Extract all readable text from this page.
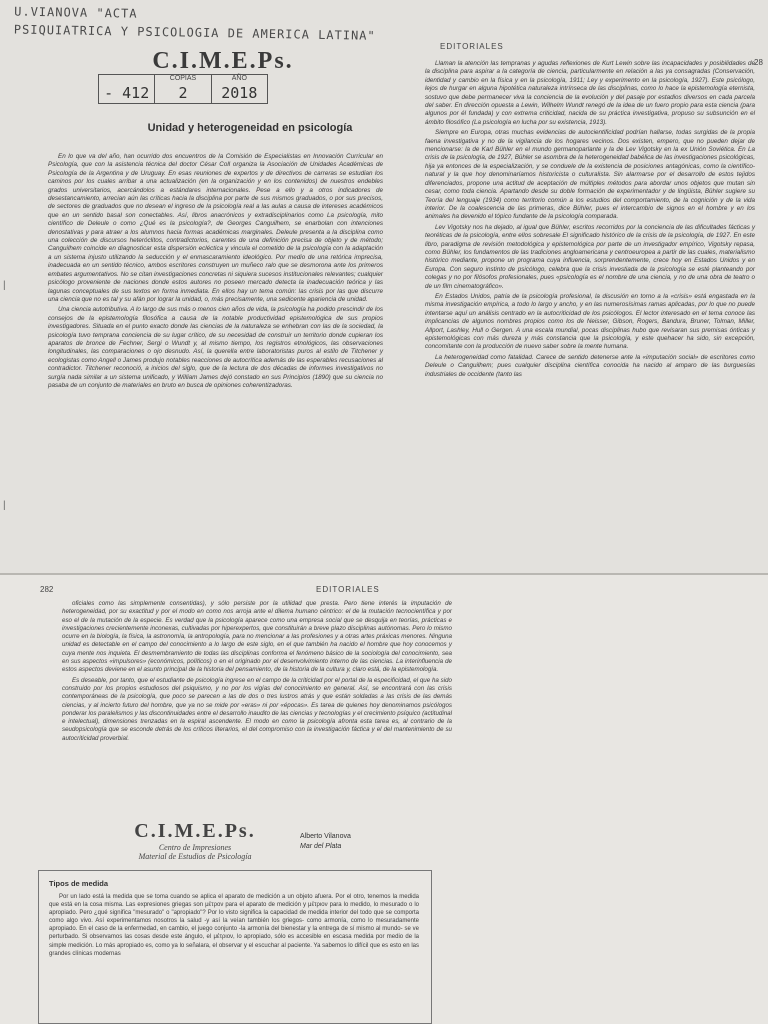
U.VIANOVA "ACTA
PSIQUIATRICA Y PSICOLOGIA DE AMERICA LATINA"
C.I.M.E.Ps.
- 412
COPIAS
2
AÑO
2018
EDITORIALES
28
Unidad y heterogeneidad en psicología

En lo que va del año, han ocurrido dos encuentros de la Comisión de Especialistas en Innovación Curricular en Psicología, que con la asistencia técnica del doctor César Coll organiza la Asociación de Unidades Académicas de Psicología de la Argentina y de Uruguay. En esas reuniones de expertos y de directivos de carreras se estudian los caminos por los cuales arribar a una actualización (en la organización y en los contenidos) de nuestros endebles grados universitarios, acercándolos a estándares internacionales. Pese a ello y a otros indicadores de desestancamiento, arrecian aún las críticas hacia la disciplina por parte de sus mismos graduados, o por sus precisos, de sectores de graduados que no desean el ingreso de la psicología real a las aulas a causa de intereses académicos que en un sentido basal son conectables. Así, libros anacrónicos y extradisciplinarios como La psicología, mito científico de Deleule o como ¿Qué es la psicología?, de Georges Canguilhem, se enarbolan con intenciones denostativas y para atraer a los alumnos hacia formas académicas marginales. Deleule presenta a la disciplina como una colección de discursos heteróclitos, contradictorios, carentes de una definición precisa de objeto y de método; Canguilhem coincide en diagnosticar esta dispersión ecléctica y vincula el cometido de la psicología con la adaptación a un sistema injusto utilizando la seducción y el enmascaramiento ideológico. Por medio de una retórica imprecisa, inadecuada en un sentido técnico, ambos escritores construyen un muñeco ralo que se desmorona ante los primeros embates argumentativos. No se citan investigaciones concretas ni siquiera sucesos institucionales relevantes; cualquier psicólogo proveniente de naciones donde estos autores no poseen mercado detecta la inadecuación teórica y las lagunas conceptuales de sus textos en forma inmediata. En ellos hay un tema común: las crisis por las que discurre una ciencia que no es tal y su afán por lograr la unidad, o, más precisamente, una sedicente apariencia de unidad.

Una ciencia autotributiva. A lo largo de sus más o menos cien años de vida, la psicología ha podido prescindir de los consejos de la epistemología filosófica a causa de la notable productividad epistemológica de sus propios investigadores. Situada en el punto exacto donde las ciencias de la naturaleza se enhebran con las de la sociedad, la psicología tuvo temprana conciencia de su lugar crítico, de su necesidad de construir un territorio donde cupieran los aparatos de bronce de Fechner, Sergi o Wundt y, al mismo tiempo, los registros etnológicos, las observaciones longitudinales, las comparaciones o ojo desnudo. Así, la querella entre laboratoristas puros al estilo de Titchener y ecologistas como Angell o James produjo notables reacciones de autocrítica además de las esperables recusaciones al contradictor. Titchener reconoció, a inicios del siglo, que de la lectura de dos décadas de informes investigativos no surgía nada similar a un sistema unificado, y William James dejó constado en sus Principios (1890) que su ciencia no pasaba de un conjunto de materiales en bruto en busca de opiniones coherentizadoras.

Llaman la atención las tempranas y agudas reflexiones de Kurt Lewin sobre las incapacidades y posibilidades de la disciplina para aspirar a la categoría de ciencia, particularmente en relación a las ya consagradas (Conservación, identidad y cambio en la física y en la psicología, 1911; Ley y experimento en la psicología, 1927). Este psicólogo, lejos de hurgar en alguna hipotética naturaleza intrínseca de las disciplinas, como lo hace la epistemología eternista, sostuvo que debe permanecer viva la conciencia de la evolución y del pasaje por estadios diversos en cada parcela del saber. En dirección opuesta a Lewin, Wilhelm Wundt renegó de la idea de un fuero propio para esta ciencia (para algunos por él fundada) y con extrema criticidad, nacida de su práctica investigativa, propuso su subsunción en el ámbito filosófico (La psicología en lucha por su existencia, 1913).

Siempre en Europa, otras muchas evidencias de autocientificidad podrían hallarse, todas surgidas de la propia faena investigativa y no de la vigilancia de los hogares vecinos. Dos existen, empero, que no pueden dejar de mencionarse: la de Karl Bühler en el mundo germanoparlante y la de Lev Vigotsky en la ex Unión Soviética. En La crisis de la psicología, de 1927, Bühler se asombra de la heterogeneidad babélica de las investigaciones psicológicas, hija ya entonces de la especialización, y se conduele de la existencia de posiciones antagónicas, como la científico-natural y la que hoy denominaríamos historicista o culturalista. Sin alarmarse por el desarrollo de estos tejidos diferenciados, propone una actitud de aceptación de múltiples métodos para abordar unos objetos que mutan sin cesar, como toda ciencia. Apartando desde su doble formación de experimentador y de lingüista, Bühler sugiere su Teoría del lenguaje (1934) como territorio común a los estudios del comportamiento, de la cognición y de la vida interior. De la coalescencia de las primeras, dice Bühler, pues el intercambio de signos en el hombre y en los animales ha devenido el tópico fundante de la psicología comparada.

Lev Vigotsky nos ha dejado, al igual que Bühler, escritos recorridos por la conciencia de las dificultades fácticas y teoréticas de la psicología, entre ellos sobresale El significado histórico de la crisis de la psicología, de 1927. En este libro, paradigma de revisión metodológica y epistemológica por parte de un investigador empírico, Vigotsky repasa, como Bühler, los fundamentos de las tradiciones angloamericana y centroeuropea a partir de las cuales, materialismo histórico mediante, propone un programa cuya influencia, sorprendentemente, crece hoy en Estados Unidos y en Europa. Con seguro instinto de psicólogo, celebra que la crisis investiada de la psicología se esté planteando por colegas y no por filósofos profesionales, pues «psicología es el nombre de una ciencia, y no de una obra de teatro o de un film cinematográfico».

En Estados Unidos, patria de la psicología profesional, la discusión en torno a la «crisis» está engastada en la misma investigación empírica, a todo lo largo y ancho, y en las numerosísimas ramas aplicadas, por lo que no puede intentarse aquí un análisis centrado en la autocriticidad de los psicólogos. El lector interesado en el tema conoce las implicancias de algunos nombres propios como los de Neisser, Gibson, Rogers, Bandura, Bruner, Tolman, Miller, Allport, Lashley, Hull o Gergen. A una escala mundial, pocas disciplinas hubo que revisaran sus premisas ónticas y epistemológicas con más dureza y más constancia que la psicología, y este quehacer ha sido, sin excepción, concomitante con la producción de nuevo saber sobre la mente humana.

La heterogeneidad como fatalidad. Carece de sentido detenerse ante la «imputación social» de escritores como Deleule o Canguilhem; pues cualquier disciplina científica conocida ha nacido al amparo de las burguesías industriales de occidente (tanto las

|
|
282	EDITORIALES

oficiales como las simplemente consentidas), y sólo persiste por la utilidad que presta. Pero tiene interés la imputación de heterogeneidad, por su exactitud y por el modo en como nos arroja ante el dilema humano céntrico: el de la mutación tecnocientífica y por eso el de la mutación de la especie. Es verdad que la psicología aparece como una empresa social que se desquija en teorías, prácticas e investigaciones crecientemente inconexas, cultivadas por hiperexpertos, que constituirán a breve plazo disciplinas autónomas. Pero lo mismo ocurre en la biología, la física, la astronomía, la antropología, para no mencionar a las profesiones y a otras artes práxicas menores. Ninguna unidad es detectable en el campo del conocimiento a lo largo de este siglo, en el que también ha nacido el hombre que hoy conocemos y cuya mente nos inquieta. El desmembramiento de todas las disciplinas conforma el fenómeno básico de la sociología del conocimiento, sea en sus aspectos «impulsores» (económicos, políticos) o en el originado por el desenvolvimiento interno de las ciencias. La interinfluencia de estos aspectos deviene en el asunto principal de la historia del pensamiento, de la historia de la cultura y, claro está, de la epistemología.

Es deseable, por tanto, que el estudiante de psicología ingrese en el campo de la criticidad por el portal de la especificidad, el que ha sido construido por los propios estudiosos del psiquismo, y no por los vigías del conocimiento en general. Así, se encontrará con las crisis contemporáneas de la psicología, que poco se parecen a las de dos o tres lustros atrás y que están soldadas a las crisis de las demás ciencias, y al incierto futuro del hombre, que ya no se mide por «eras» ni por «épocas». Es tarea de quienes hoy denominamos psicólogos ponderar los paralelismos y las discontinuidades entre el desarrollo inaudito de las ciencias y tecnologías y el crecimiento psíquico (actitudinal e intelectual), dimensiones trenzadas en la espiral ascendente. El modo en como la psicología afronta esta tarea es, al contrario de la seudopsicología que se esconde detrás de los críticos literarios, el del compromiso con la investigación fáctica y el del mantenimiento de su autocriticidad proverbial.

C.I.M.E.Ps.
Centro de Impresiones
Material de Estudios de Psicología
Alberto Vilanova
Mar del Plata
Tipos de medida

Por un lado está la medida que se toma cuando se aplica el aparato de medición a un objeto afuera. Por el otro, tenemos la medida que está en la cosa misma. Las expresiones griegas son μέτρον para el aparato de medición y μέτριον para lo medido, lo mesurado o lo apropiado. Pero ¿qué significa "mesurado" o "apropiado"? Por lo visto significa la capacidad de medida interior del todo que se comporta como algo vivo. Así experimentamos nosotros la salud -y así la veían también los griegos- como armonía, como lo mesuradamente apropiado. En el caso de la enfermedad, en cambio, el juego conjunto -la armonía del bienestar y la entrega de sí mismo al mundo- se ve perturbado. Si observamos las cosas desde este ángulo, el μέτριον, lo apropiado, sólo es accesible en escasa medida por medio de la simple medición. Lo más apropiado es, como ya lo señalara, el observar y el escuchar al paciente. Ya sabemos lo difícil que es esto en las grandes clínicas modernas
